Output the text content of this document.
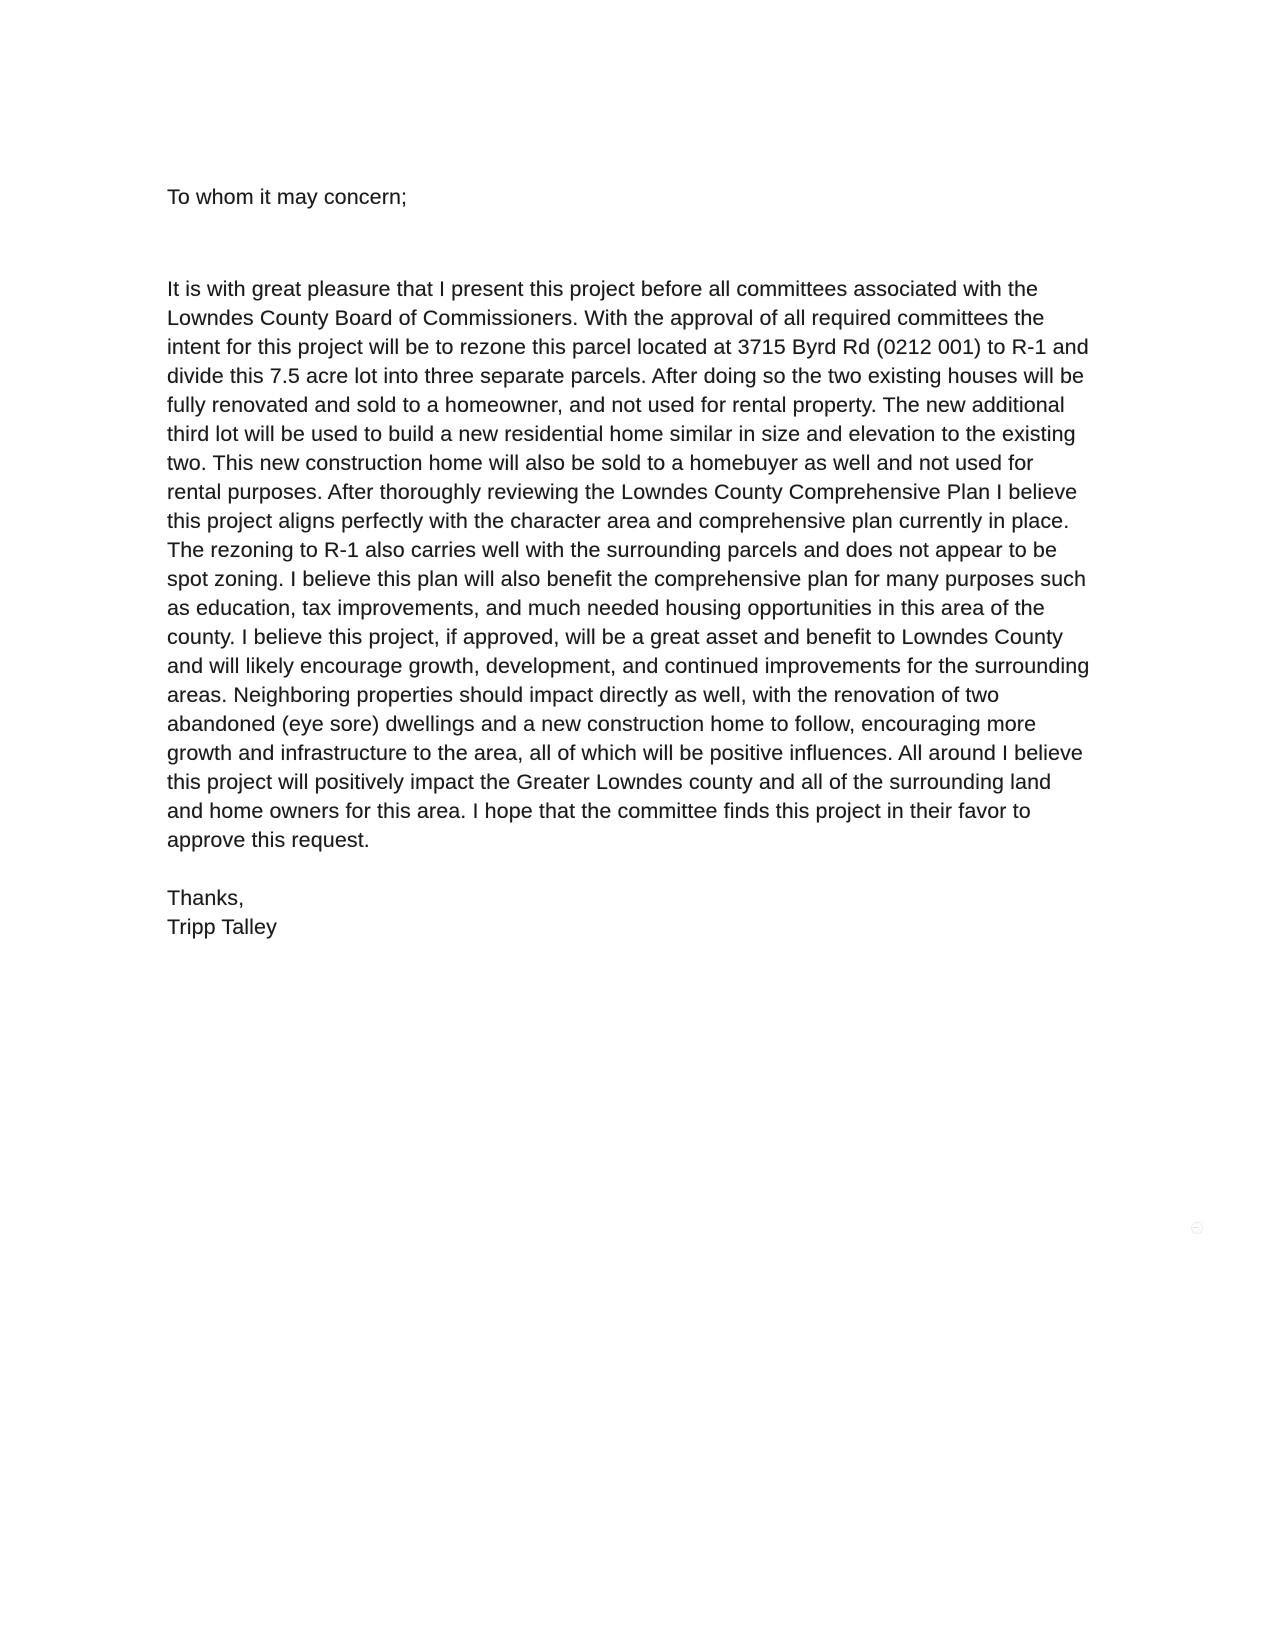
To whom it may concern;
It is with great pleasure that I present this project before all committees associated with the
Lowndes County Board of Commissioners. With the approval of all required committees the
intent for this project will be to rezone this parcel located at 3715 Byrd Rd (0212 001) to R-1 and
divide this 7.5 acre lot into three separate parcels. After doing so the two existing houses will be
fully renovated and sold to a homeowner, and not used for rental property. The new additional
third lot will be used to build a new residential home similar in size and elevation to the existing
two. This new construction home will also be sold to a homebuyer as well and not used for
rental purposes. After thoroughly reviewing the Lowndes County Comprehensive Plan I believe
this project aligns perfectly with the character area and comprehensive plan currently in place.
The rezoning to R-1 also carries well with the surrounding parcels and does not appear to be
spot zoning. I believe this plan will also benefit the comprehensive plan for many purposes such
as education, tax improvements, and much needed housing opportunities in this area of the
county. I believe this project, if approved, will be a great asset and benefit to Lowndes County
and will likely encourage growth, development, and continued improvements for the surrounding
areas. Neighboring properties should impact directly as well, with the renovation of two
abandoned (eye sore) dwellings and a new construction home to follow, encouraging more
growth and infrastructure to the area, all of which will be positive influences. All around I believe
this project will positively impact the Greater Lowndes county and all of the surrounding land
and home owners for this area. I hope that the committee finds this project in their favor to
approve this request.
Thanks,
Tripp Talley
